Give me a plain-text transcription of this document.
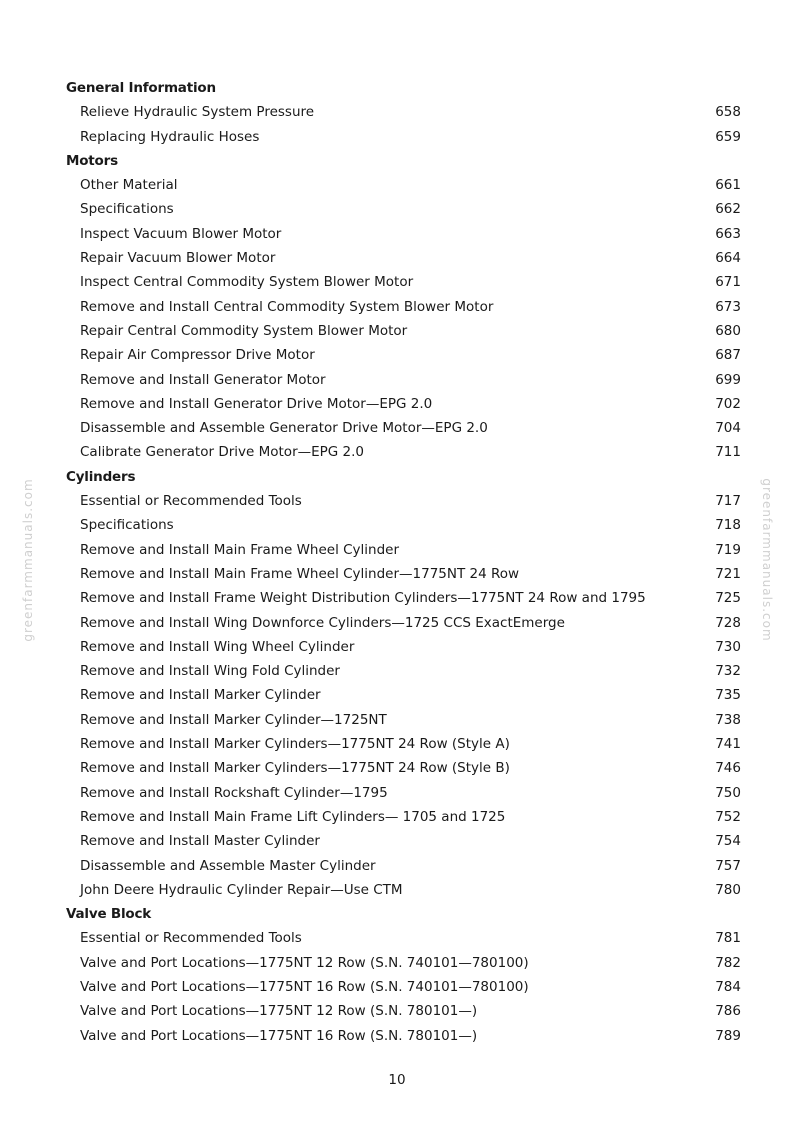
General Information
Relieve Hydraulic System Pressure	658
Replacing Hydraulic Hoses	659
Motors
Other Material	661
Specifications	662
Inspect Vacuum Blower Motor	663
Repair Vacuum Blower Motor	664
Inspect Central Commodity System Blower Motor	671
Remove and Install Central Commodity System Blower Motor	673
Repair Central Commodity System Blower Motor	680
Repair Air Compressor Drive Motor	687
Remove and Install Generator Motor	699
Remove and Install Generator Drive Motor—EPG 2.0	702
Disassemble and Assemble Generator Drive Motor—EPG 2.0	704
Calibrate Generator Drive Motor—EPG 2.0	711
Cylinders
Essential or Recommended Tools	717
Specifications	718
Remove and Install Main Frame Wheel Cylinder	719
Remove and Install Main Frame Wheel Cylinder—1775NT 24 Row	721
Remove and Install Frame Weight Distribution Cylinders—1775NT 24 Row and 1795	725
Remove and Install Wing Downforce Cylinders—1725 CCS ExactEmerge	728
Remove and Install Wing Wheel Cylinder	730
Remove and Install Wing Fold Cylinder	732
Remove and Install Marker Cylinder	735
Remove and Install Marker Cylinder—1725NT	738
Remove and Install Marker Cylinders—1775NT 24 Row (Style A)	741
Remove and Install Marker Cylinders—1775NT 24 Row (Style B)	746
Remove and Install Rockshaft Cylinder—1795	750
Remove and Install Main Frame Lift Cylinders— 1705 and 1725	752
Remove and Install Master Cylinder	754
Disassemble and Assemble Master Cylinder	757
John Deere Hydraulic Cylinder Repair—Use CTM	780
Valve Block
Essential or Recommended Tools	781
Valve and Port Locations—1775NT 12 Row (S.N. 740101—780100)	782
Valve and Port Locations—1775NT 16 Row (S.N. 740101—780100)	784
Valve and Port Locations—1775NT 12 Row (S.N. 780101—)	786
Valve and Port Locations—1775NT 16 Row (S.N. 780101—)	789
greenfarmmanuals.com	greenfarmmanuals.com
10
